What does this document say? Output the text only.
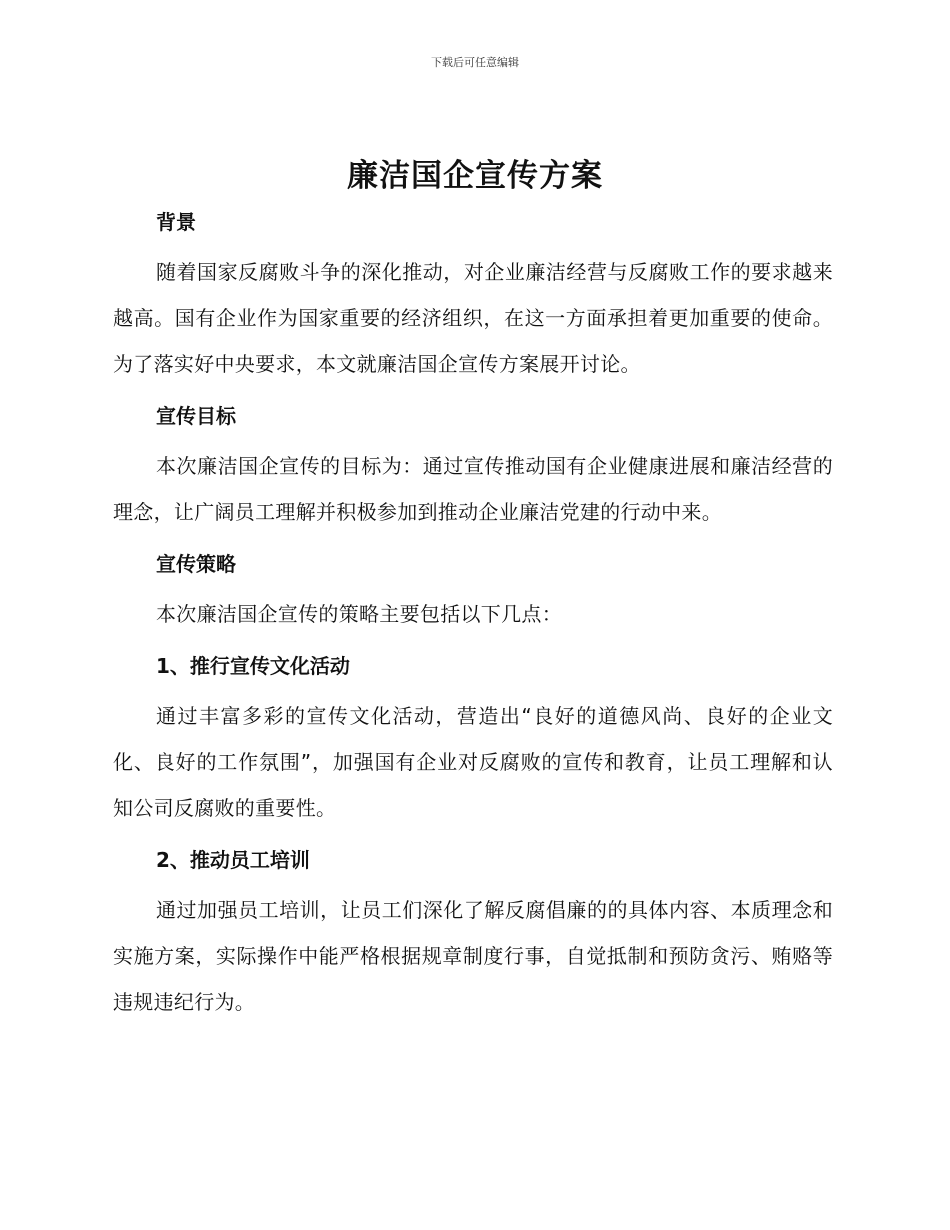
下载后可任意编辑
廉洁国企宣传方案

背景

随着国家反腐败斗争的深化推动，对企业廉洁经营与反腐败工作的要求越来越高。国有企业作为国家重要的经济组织，在这一方面承担着更加重要的使命。为了落实好中央要求，本文就廉洁国企宣传方案展开讨论。

宣传目标

本次廉洁国企宣传的目标为：通过宣传推动国有企业健康进展和廉洁经营的理念，让广阔员工理解并积极参加到推动企业廉洁党建的行动中来。

宣传策略

本次廉洁国企宣传的策略主要包括以下几点：

1、推行宣传文化活动

通过丰富多彩的宣传文化活动，营造出“良好的道德风尚、良好的企业文化、良好的工作氛围”，加强国有企业对反腐败的宣传和教育，让员工理解和认知公司反腐败的重要性。

2、推动员工培训

通过加强员工培训，让员工们深化了解反腐倡廉的的具体内容、本质理念和实施方案，实际操作中能严格根据规章制度行事，自觉抵制和预防贪污、贿赂等违规违纪行为。
